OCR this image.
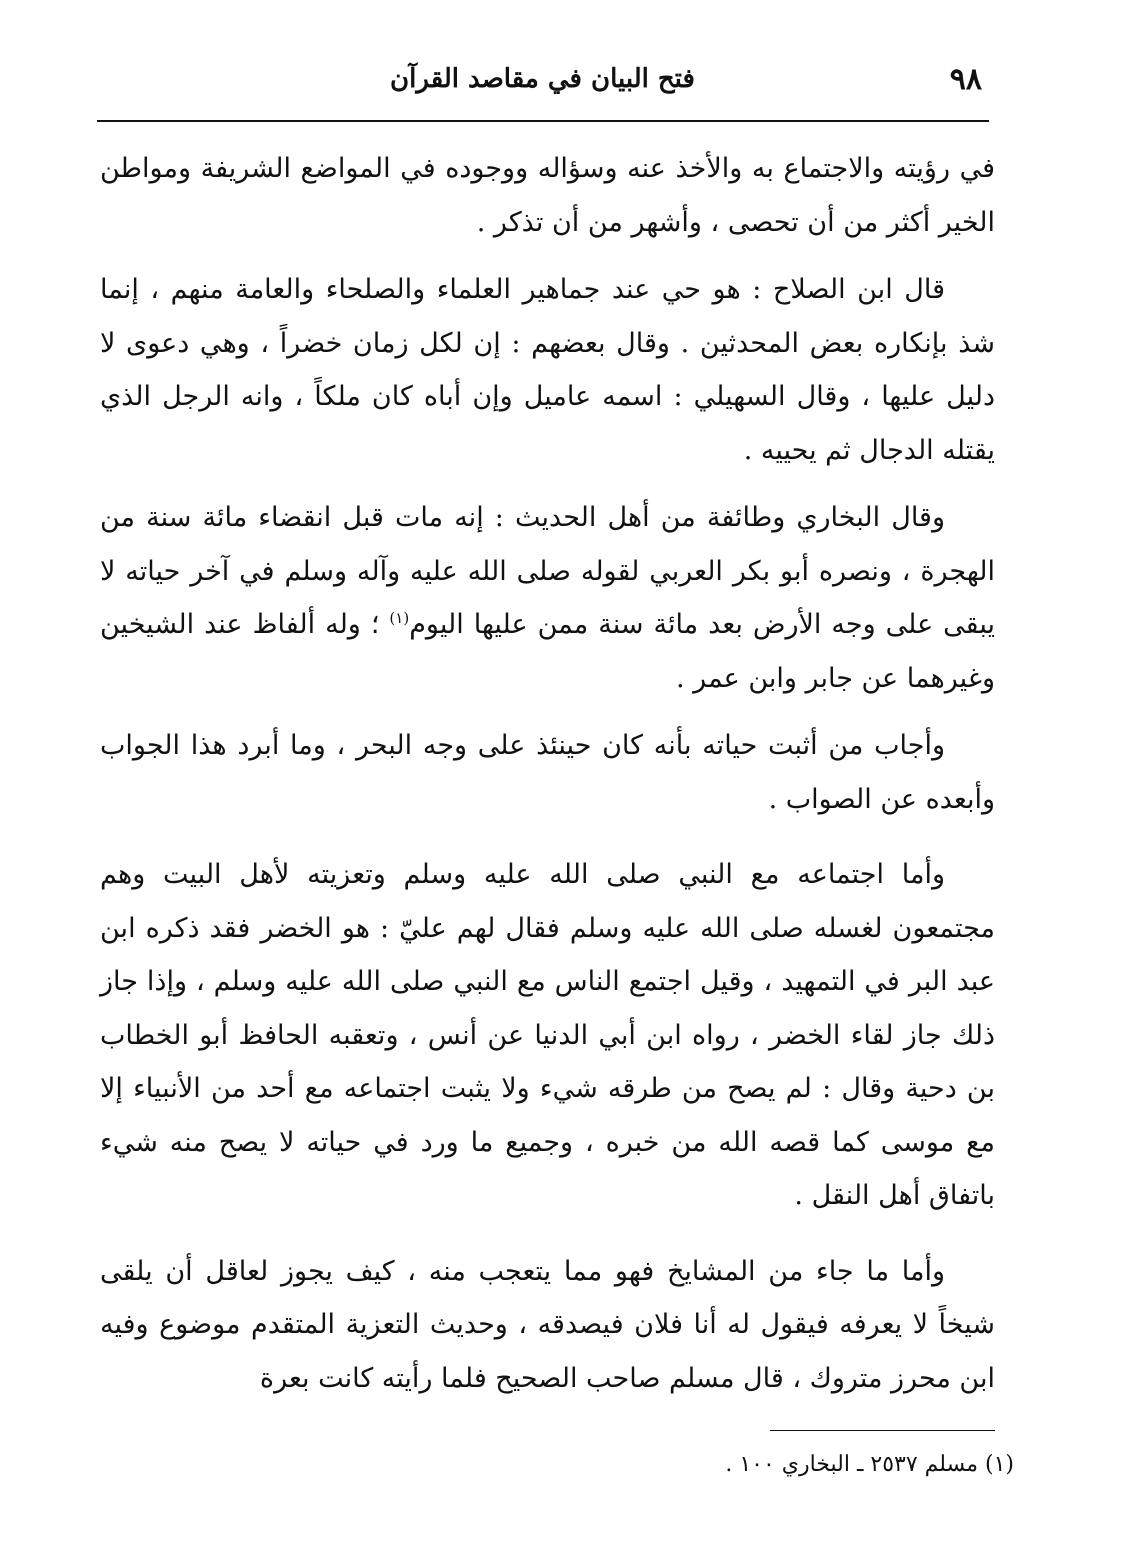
٩٨
فتح البيان في مقاصد القرآن

في رؤيته والاجتماع به والأخذ عنه وسؤاله ووجوده في المواضع الشريفة ومواطن الخير أكثر من أن تحصى ، وأشهر من أن تذكر .

قال ابن الصلاح : هو حي عند جماهير العلماء والصلحاء والعامة منهم ، إنما شذ بإنكاره بعض المحدثين . وقال بعضهم : إن لكل زمان خضراً ، وهي دعوى لا دليل عليها ، وقال السهيلي : اسمه عاميل وإن أباه كان ملكاً ، وانه الرجل الذي يقتله الدجال ثم يحييه .

وقال البخاري وطائفة من أهل الحديث : إنه مات قبل انقضاء مائة سنة من الهجرة ، ونصره أبو بكر العربي لقوله صلى الله عليه وآله وسلم في آخر حياته لا يبقى على وجه الأرض بعد مائة سنة ممن عليها اليوم$^{(١)}$ ؛ وله ألفاظ عند الشيخين وغيرهما عن جابر وابن عمر .

وأجاب من أثبت حياته بأنه كان حينئذ على وجه البحر ، وما أبرد هذا الجواب وأبعده عن الصواب .

وأما اجتماعه مع النبي صلى الله عليه وسلم وتعزيته لأهل البيت وهم مجتمعون لغسله صلى الله عليه وسلم فقال لهم عليّ : هو الخضر فقد ذكره ابن عبد البر في التمهيد ، وقيل اجتمع الناس مع النبي صلى الله عليه وسلم ، وإذا جاز ذلك جاز لقاء الخضر ، رواه ابن أبي الدنيا عن أنس ، وتعقبه الحافظ أبو الخطاب بن دحية وقال : لم يصح من طرقه شيء ولا يثبت اجتماعه مع أحد من الأنبياء إلا مع موسى كما قصه الله من خبره ، وجميع ما ورد في حياته لا يصح منه شيء باتفاق أهل النقل .

وأما ما جاء من المشايخ فهو مما يتعجب منه ، كيف يجوز لعاقل أن يلقى شيخاً لا يعرفه فيقول له أنا فلان فيصدقه ، وحديث التعزية المتقدم موضوع وفيه ابن محرز متروك ، قال مسلم صاحب الصحيح فلما رأيته كانت بعرة

(١) مسلم ٢٥٣٧ ـ البخاري ١٠٠ .
